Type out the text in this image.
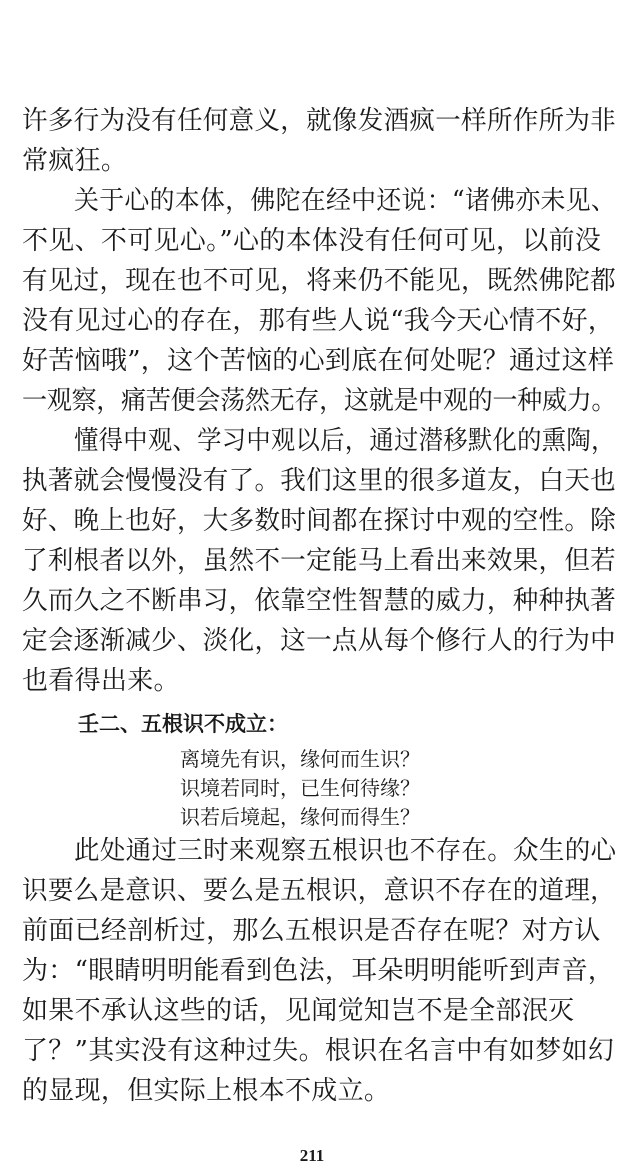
许多行为没有任何意义，就像发酒疯一样所作所为非
常疯狂。
关于心的本体，佛陀在经中还说：“诸佛亦未见、
不见、不可见心。”心的本体没有任何可见，以前没
有见过，现在也不可见，将来仍不能见，既然佛陀都
没有见过心的存在，那有些人说“我今天心情不好，
好苦恼哦”，这个苦恼的心到底在何处呢？通过这样
一观察，痛苦便会荡然无存，这就是中观的一种威力。
懂得中观、学习中观以后，通过潜移默化的熏陶，
执著就会慢慢没有了。我们这里的很多道友，白天也
好、晚上也好，大多数时间都在探讨中观的空性。除
了利根者以外，虽然不一定能马上看出来效果，但若
久而久之不断串习，依靠空性智慧的威力，种种执著
定会逐渐减少、淡化，这一点从每个修行人的行为中
也看得出来。
壬二、五根识不成立：
离境先有识，缘何而生识？
识境若同时，已生何待缘？
识若后境起，缘何而得生？
此处通过三时来观察五根识也不存在。众生的心
识要么是意识、要么是五根识，意识不存在的道理，
前面已经剖析过，那么五根识是否存在呢？对方认
为：“眼睛明明能看到色法，耳朵明明能听到声音，
如果不承认这些的话，见闻觉知岂不是全部泯灭
了？”其实没有这种过失。根识在名言中有如梦如幻
的显现，但实际上根本不成立。
211
